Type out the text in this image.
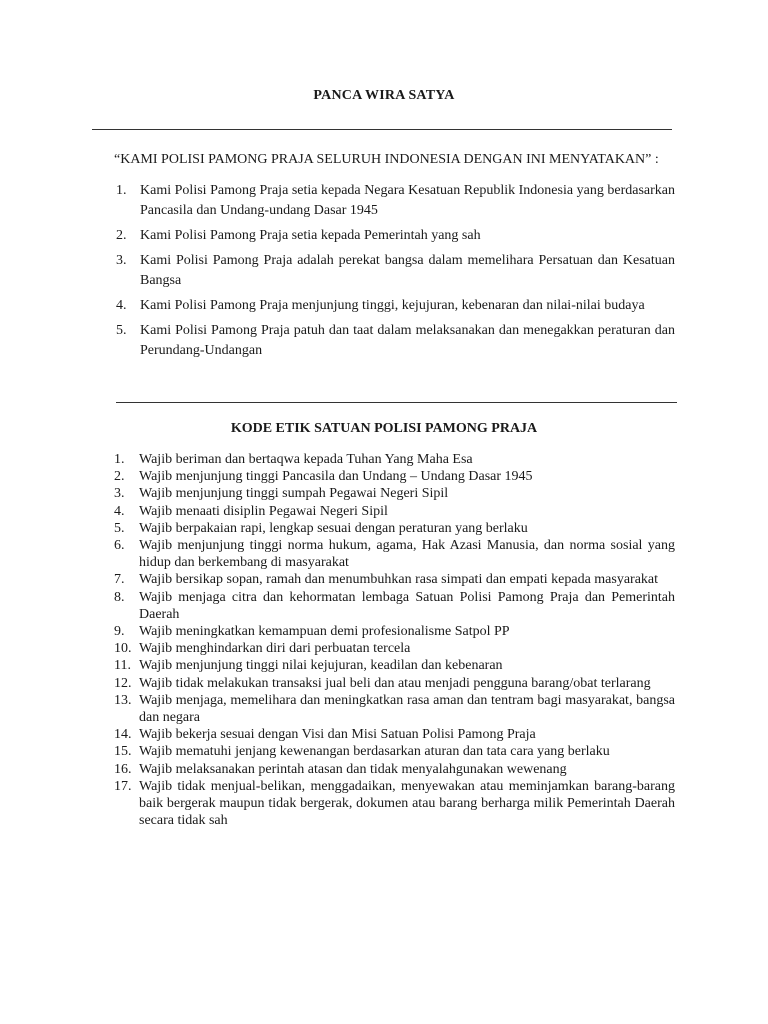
PANCA WIRA SATYA
“KAMI POLISI PAMONG PRAJA SELURUH INDONESIA DENGAN INI MENYATAKAN” :
1. Kami Polisi Pamong Praja setia kepada Negara Kesatuan Republik Indonesia yang berdasarkan Pancasila dan Undang-undang Dasar 1945
2. Kami Polisi Pamong Praja setia kepada Pemerintah yang sah
3. Kami Polisi Pamong Praja adalah perekat bangsa dalam memelihara Persatuan dan Kesatuan Bangsa
4. Kami Polisi Pamong Praja menjunjung tinggi, kejujuran, kebenaran dan nilai-nilai budaya
5. Kami Polisi Pamong Praja patuh dan taat dalam melaksanakan dan menegakkan peraturan dan Perundang-Undangan
KODE ETIK SATUAN POLISI PAMONG PRAJA
1. Wajib beriman dan bertaqwa kepada Tuhan Yang Maha Esa
2. Wajib menjunjung tinggi Pancasila dan Undang – Undang Dasar 1945
3. Wajib menjunjung tinggi sumpah Pegawai Negeri Sipil
4. Wajib menaati disiplin Pegawai Negeri Sipil
5. Wajib berpakaian rapi, lengkap sesuai dengan peraturan yang berlaku
6. Wajib menjunjung tinggi norma hukum, agama, Hak Azasi Manusia, dan norma sosial yang hidup dan berkembang di masyarakat
7. Wajib bersikap sopan, ramah dan menumbuhkan rasa simpati dan empati kepada masyarakat
8. Wajib menjaga citra dan kehormatan lembaga Satuan Polisi Pamong Praja dan Pemerintah Daerah
9. Wajib meningkatkan kemampuan demi profesionalisme Satpol PP
10. Wajib menghindarkan diri dari perbuatan tercela
11. Wajib menjunjung tinggi nilai kejujuran, keadilan dan kebenaran
12. Wajib tidak melakukan transaksi jual beli dan atau menjadi pengguna barang/obat terlarang
13. Wajib menjaga, memelihara dan meningkatkan rasa aman dan tentram bagi masyarakat, bangsa dan negara
14. Wajib bekerja sesuai dengan Visi dan Misi Satuan Polisi Pamong Praja
15. Wajib mematuhi jenjang kewenangan berdasarkan aturan dan tata cara yang berlaku
16. Wajib melaksanakan perintah atasan dan tidak menyalahgunakan wewenang
17. Wajib tidak menjual-belikan, menggadaikan, menyewakan atau meminjamkan barang-barang baik bergerak maupun tidak bergerak, dokumen atau barang berharga milik Pemerintah Daerah secara tidak sah
